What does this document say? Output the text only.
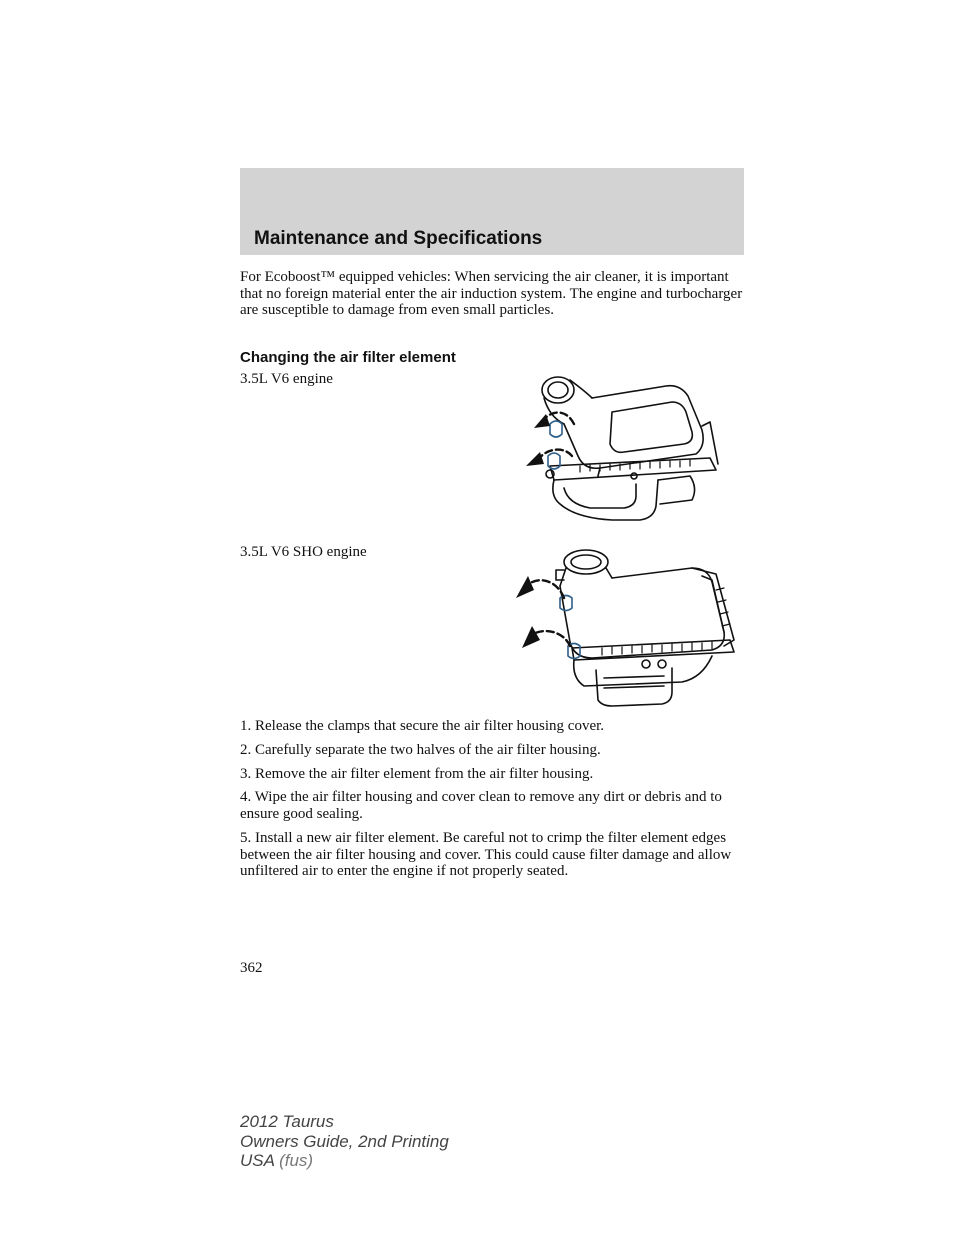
Maintenance and Specifications

For Ecoboost™ equipped vehicles: When servicing the air cleaner, it is important that no foreign material enter the air induction system. The engine and turbocharger are susceptible to damage from even small particles.

Changing the air filter element

3.5L V6 engine

3.5L V6 SHO engine

1. Release the clamps that secure the air filter housing cover.

2. Carefully separate the two halves of the air filter housing.

3. Remove the air filter element from the air filter housing.

4. Wipe the air filter housing and cover clean to remove any dirt or debris and to ensure good sealing.

5. Install a new air filter element. Be careful not to crimp the filter element edges between the air filter housing and cover. This could cause filter damage and allow unfiltered air to enter the engine if not properly seated.

362
2012 Taurus
Owners Guide, 2nd Printing
USA (fus)
